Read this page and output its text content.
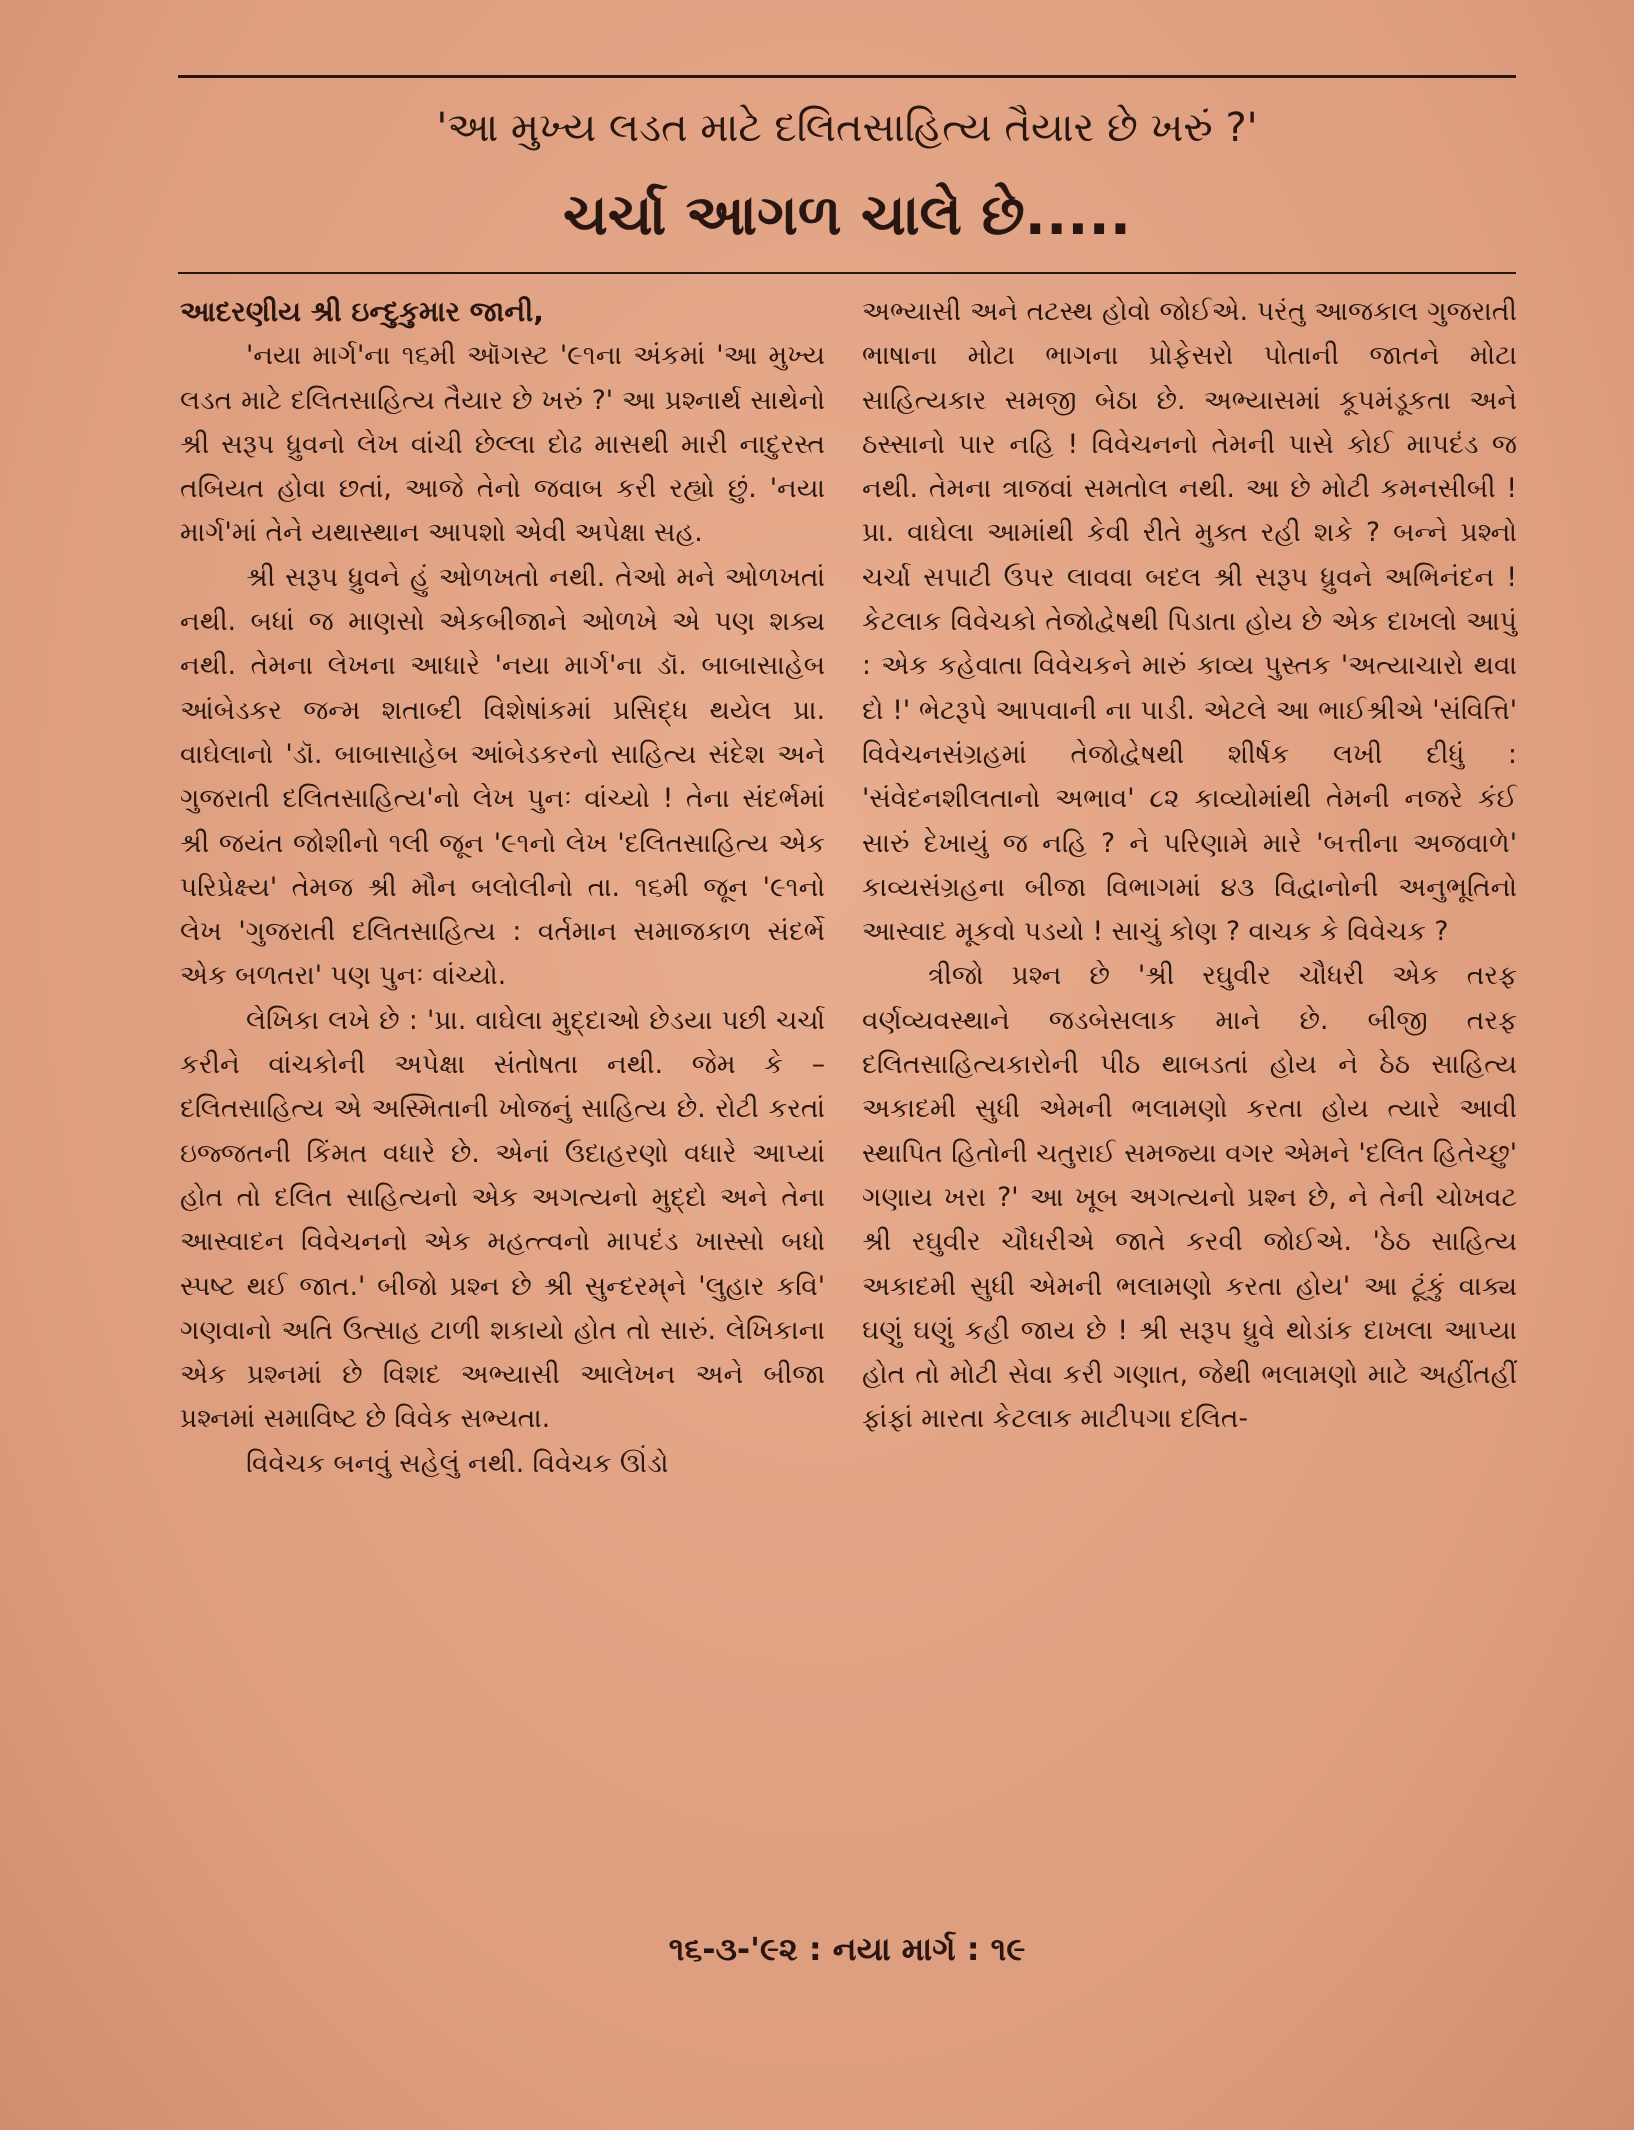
'આ મુખ્ય લડત માટે દલિતસાહિત્ય તૈયાર છે ખરું ?'
ચર્ચા આગળ ચાલે છે.....

આદરણીય શ્રી ઇન્દુકુમાર જાની,

'નયા માર્ગ'ના ૧૬મી ઑગસ્ટ '૯૧ના અંકમાં 'આ મુખ્ય લડત માટે દલિતસાહિત્ય તૈયાર છે ખરું ?' આ પ્રશ્નાર્થ સાથેનો શ્રી સરૂપ ધ્રુવનો લેખ વાંચી છેલ્લા દોઢ માસથી મારી નાદુરસ્ત તબિયત હોવા છતાં, આજે તેનો જવાબ કરી રહ્યો છું. 'નયા માર્ગ'માં તેને યથાસ્થાન આપશો એવી અપેક્ષા સહ.

શ્રી સરૂપ ધ્રુવને હું ઓળખતો નથી. તેઓ મને ઓળખતાં નથી. બધાં જ માણસો એકબીજાને ઓળખે એ પણ શક્ય નથી. તેમના લેખના આધારે 'નયા માર્ગ'ના ડૉ. બાબાસાહેબ આંબેડકર જન્મ શતાબ્દી વિશેષાંકમાં પ્રસિદ્ધ થયેલ પ્રા. વાઘેલાનો 'ડૉ. બાબાસાહેબ આંબેડકરનો સાહિત્ય સંદેશ અને ગુજરાતી દલિતસાહિત્ય'નો લેખ પુનઃ વાંચ્યો ! તેના સંદર્ભમાં શ્રી જયંત જોશીનો ૧લી જૂન '૯૧નો લેખ 'દલિતસાહિત્ય એક પરિપ્રેક્ષ્ય' તેમજ શ્રી મૌન બલોલીનો તા. ૧૬મી જૂન '૯૧નો લેખ 'ગુજરાતી દલિતસાહિત્ય : વર્તમાન સમાજકાળ સંદર્ભે એક બળતરા' પણ પુનઃ વાંચ્યો.

લેખિકા લખે છે : 'પ્રા. વાઘેલા મુદ્દાઓ છેડયા પછી ચર્ચા કરીને વાંચકોની અપેક્ષા સંતોષતા નથી. જેમ કે – દલિતસાહિત્ય એ અસ્મિતાની ખોજનું સાહિત્ય છે. રોટી કરતાં ઇજ્જતની કિંમત વધારે છે. એનાં ઉદાહરણો વધારે આપ્યાં હોત તો દલિત સાહિત્યનો એક અગત્યનો મુદ્દો અને તેના આસ્વાદન વિવેચનનો એક મહત્ત્વનો માપદંડ ખાસ્સો બધો સ્પષ્ટ થઈ જાત.' બીજો પ્રશ્ન છે શ્રી સુન્દરમ્‌ને 'લુહાર કવિ' ગણવાનો અતિ ઉત્સાહ ટાળી શકાયો હોત તો સારું. લેખિકાના એક પ્રશ્નમાં છે વિશદ અભ્યાસી આલેખન અને બીજા પ્રશ્નમાં સમાવિષ્ટ છે વિવેક સભ્યતા.

વિવેચક બનવું સહેલું નથી. વિવેચક ઊંડો

અભ્યાસી અને તટસ્થ હોવો જોઈએ. પરંતુ આજકાલ ગુજરાતી ભાષાના મોટા ભાગના પ્રોફેસરો પોતાની જાતને મોટા સાહિત્યકાર સમજી બેઠા છે. અભ્યાસમાં કૂપમંડૂકતા અને ઠસ્સાનો પાર નહિ ! વિવેચનનો તેમની પાસે કોઈ માપદંડ જ નથી. તેમના ત્રાજવાં સમતોલ નથી. આ છે મોટી કમનસીબી ! પ્રા. વાઘેલા આમાંથી કેવી રીતે મુક્ત રહી શકે ? બન્ને પ્રશ્નો ચર્ચા સપાટી ઉપર લાવવા બદલ શ્રી સરૂપ ધ્રુવને અભિનંદન ! કેટલાક વિવેચકો તેજોદ્વેષથી પિડાતા હોય છે એક દાખલો આપું : એક કહેવાતા વિવેચકને મારું કાવ્ય પુસ્તક 'અત્યાચારો થવા દો !' ભેટરૂપે આપવાની ના પાડી. એટલે આ ભાઈશ્રીએ 'સંવિત્તિ' વિવેચનસંગ્રહમાં તેજોદ્વેષથી શીર્ષક લખી દીધું : 'સંવેદનશીલતાનો અભાવ' ૮૨ કાવ્યોમાંથી તેમની નજરે કંઈ સારું દેખાયું જ નહિ ? ને પરિણામે મારે 'બત્તીના અજવાળે' કાવ્યસંગ્રહના બીજા વિભાગમાં ૪૩ વિદ્વાનોની અનુભૂતિનો આસ્વાદ મૂકવો પડયો ! સાચું કોણ ? વાચક કે વિવેચક ?

ત્રીજો પ્રશ્ન છે 'શ્રી રઘુવીર ચૌધરી એક તરફ વર્ણવ્યવસ્થાને જડબેસલાક માને છે. બીજી તરફ દલિતસાહિત્યકારોની પીઠ થાબડતાં હોય ને ઠેઠ સાહિત્ય અકાદમી સુધી એમની ભલામણો કરતા હોય ત્યારે આવી સ્થાપિત હિતોની ચતુરાઈ સમજ્યા વગર એમને 'દલિત હિતેચ્છુ' ગણાય ખરા ?' આ ખૂબ અગત્યનો પ્રશ્ન છે, ને તેની ચોખવટ શ્રી રઘુવીર ચૌધરીએ જાતે કરવી જોઈએ. 'ઠેઠ સાહિત્ય અકાદમી સુધી એમની ભલામણો કરતા હોય' આ ટૂંકું વાક્ય ઘણું ઘણું કહી જાય છે ! શ્રી સરૂપ ધ્રુવે થોડાંક દાખલા આપ્યા હોત તો મોટી સેવા કરી ગણાત, જેથી ભલામણો માટે અહીંતહીં ફાંફાં મારતા કેટલાક માટીપગા દલિત-

૧૬-૩-'૯૨ : નયા માર્ગ : ૧૯
